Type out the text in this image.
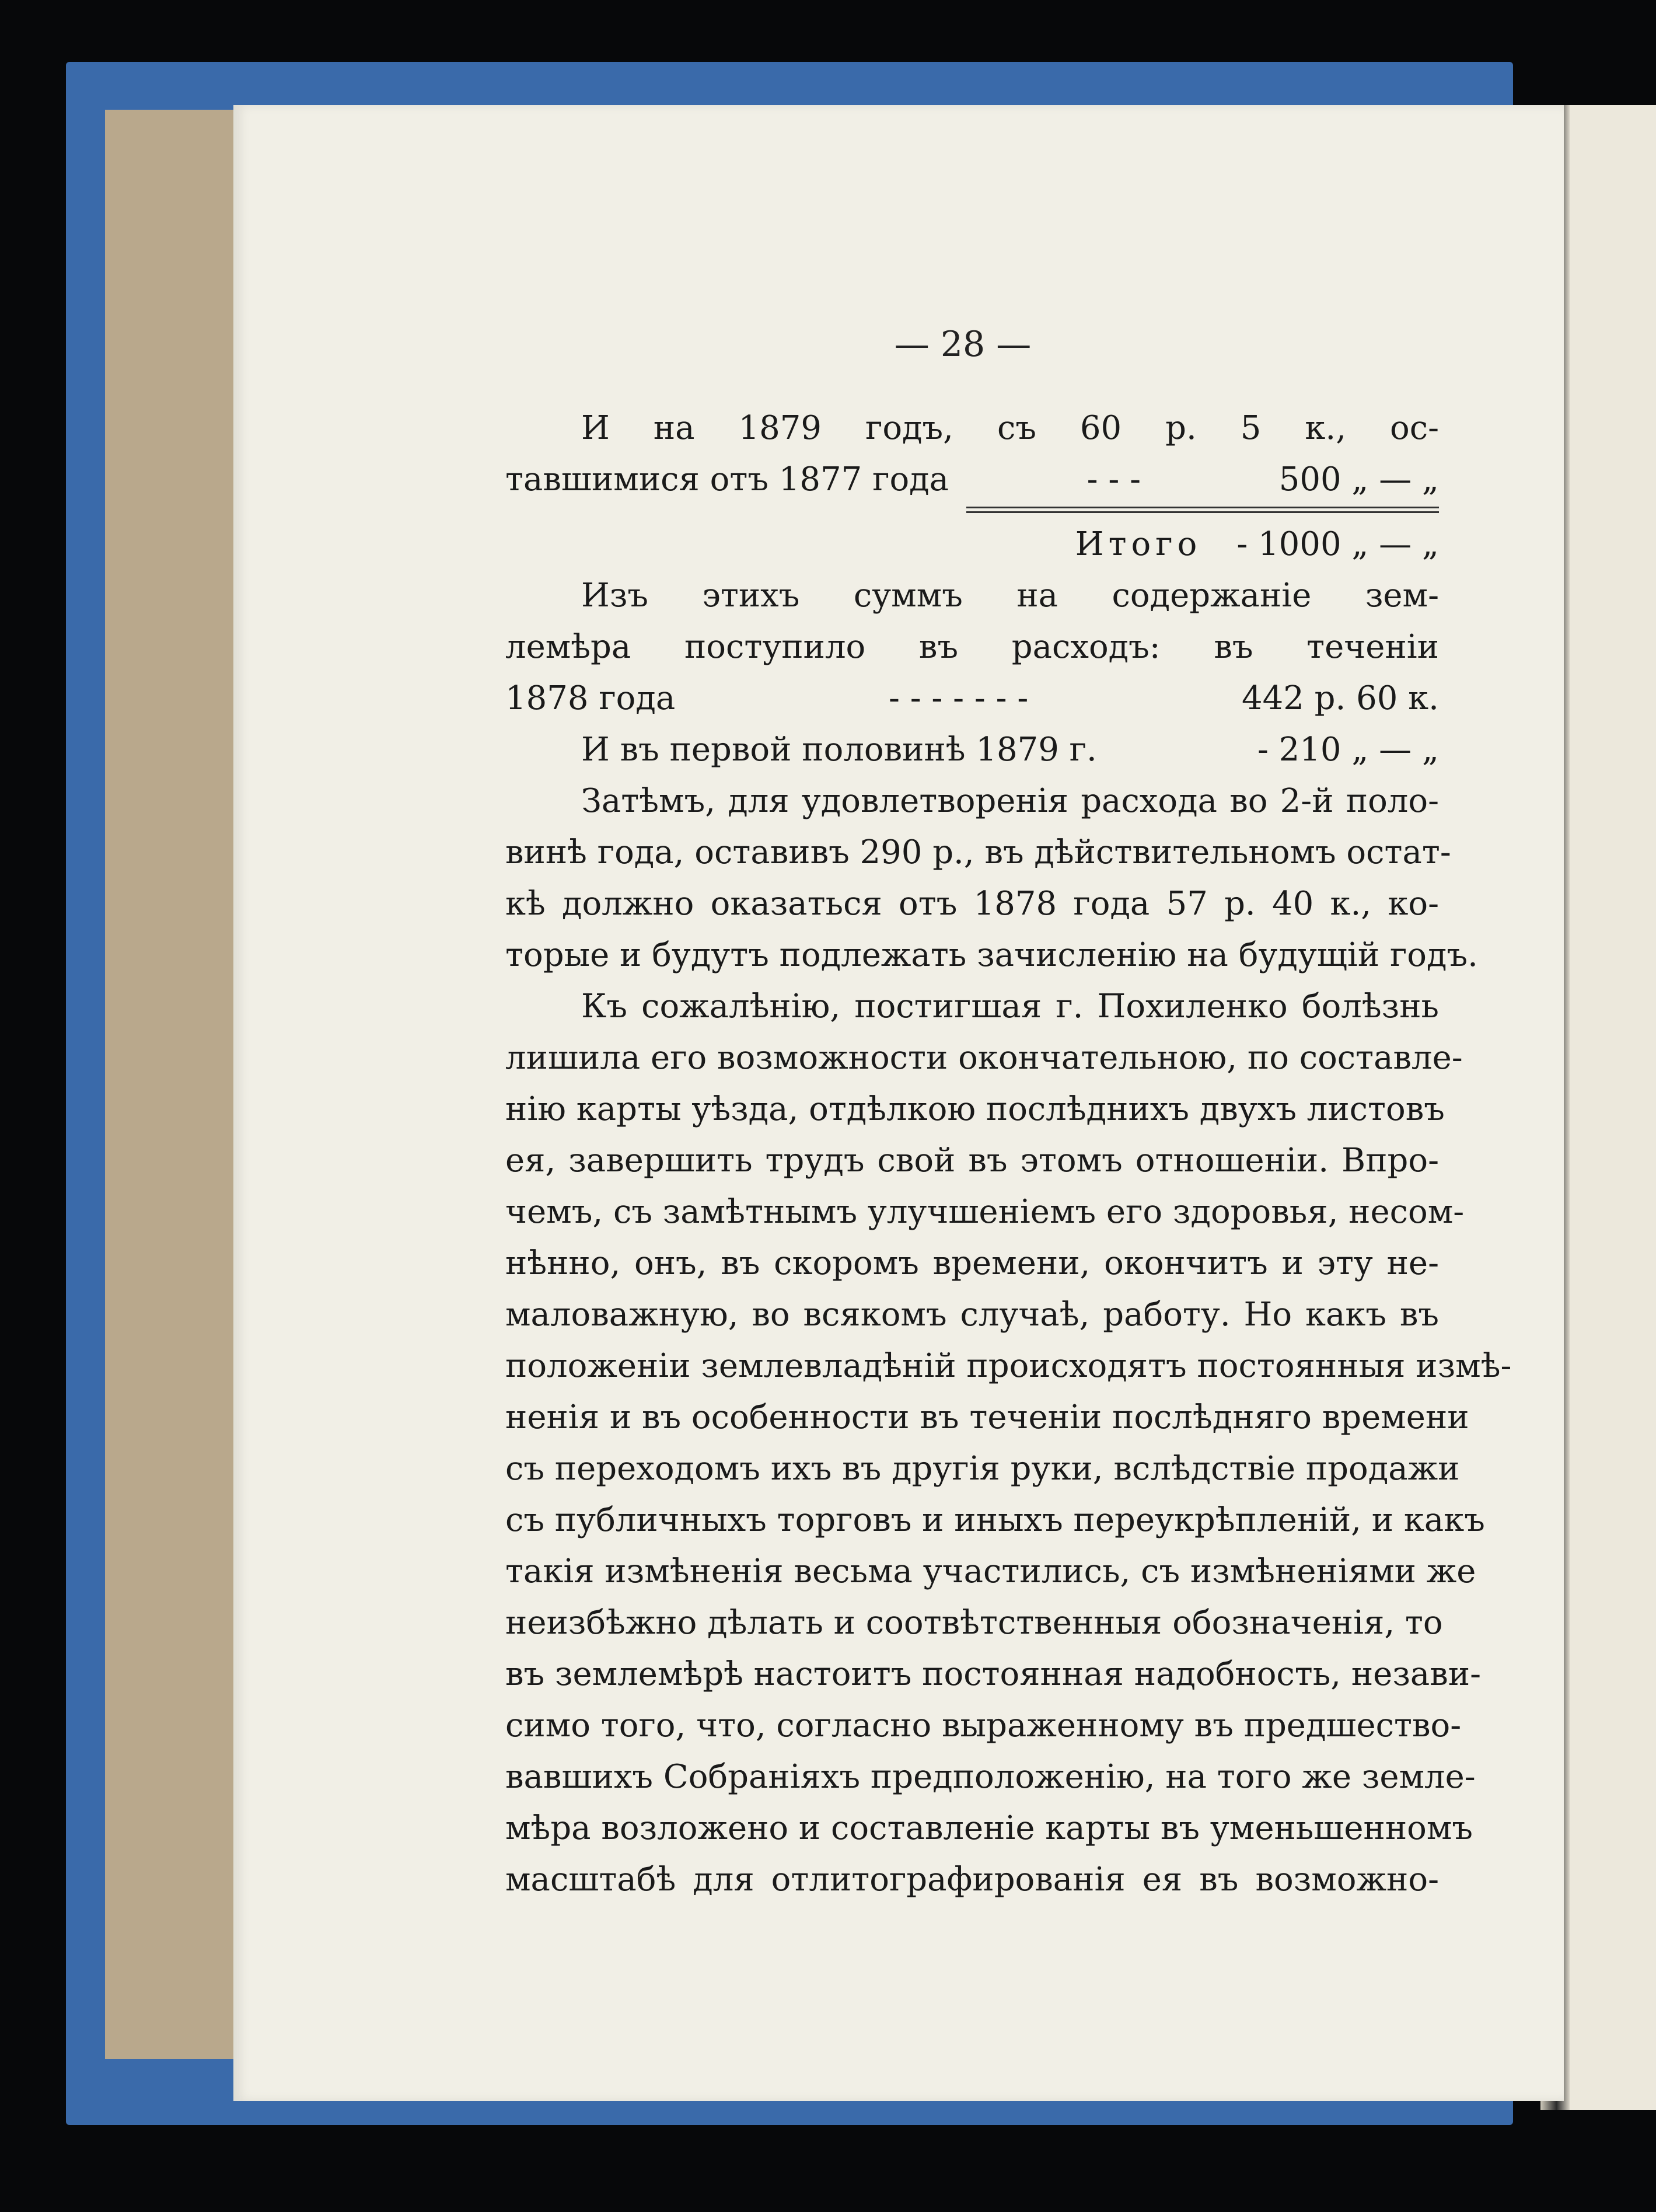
— 28 —
И на 1879 годъ, съ 60 р. 5 к., ос-
тавшимися отъ 1877 года	- - -	500 „ — „
Итого - 1000 „ — „
Изъ этихъ суммъ на содержанiе зем-
лемѣра поступило въ расходъ: въ теченiи
1878 года	- - - - - - -	442 р. 60 к.
И въ первой половинѣ 1879 г.	- 210 „ — „
Затѣмъ, для удовлетворенiя расхода во 2-й поло-
винѣ года, оставивъ 290 р., въ дѣйствительномъ остат-
кѣ должно оказаться отъ 1878 года 57 р. 40 к., ко-
торые и будутъ подлежать зачисленiю на будущiй годъ.
Къ сожалѣнiю, постигшая г. Похиленко болѣзнь
лишила его возможности окончательною, по составле-
нiю карты уѣзда, отдѣлкою послѣднихъ двухъ листовъ
ея, завершить трудъ свой въ этомъ отношенiи. Впро-
чемъ, съ замѣтнымъ улучшенiемъ его здоровья, несом-
нѣнно, онъ, въ скоромъ времени, окончитъ и эту не-
маловажную, во всякомъ случаѣ, работу. Но какъ въ
положенiи землевладѣнiй происходятъ постоянныя измѣ-
ненiя и въ особенности въ теченiи послѣдняго времени
съ переходомъ ихъ въ другiя руки, вслѣдствiе продажи
съ публичныхъ торговъ и иныхъ переукрѣпленiй, и какъ
такiя измѣненiя весьма участились, съ измѣненiями же
неизбѣжно дѣлать и соотвѣтственныя обозначенiя, то
въ землемѣрѣ настоитъ постоянная надобность, незави-
симо того, что, согласно выраженному въ предшество-
вавшихъ Собранiяхъ предположенiю, на того же земле-
мѣра возложено и составленiе карты въ уменьшенномъ
масштабѣ для отлитографированiя ея въ возможно-
